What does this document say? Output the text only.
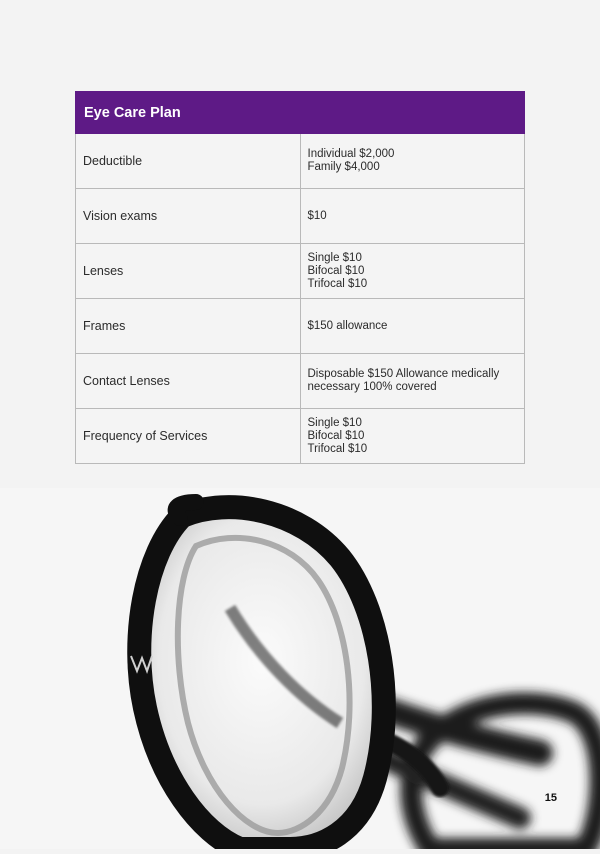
Eye Care Plan	
Deductible	Individual $2,000
Family $4,000

Vision exams	$10

Lenses	Single $10
Bifocal $10
Trifocal $10

Frames	$150 allowance

Contact Lenses	Disposable $150 Allowance medically necessary 100% covered

Frequency of Services	Single $10
Bifocal $10
Trifocal $10
15
